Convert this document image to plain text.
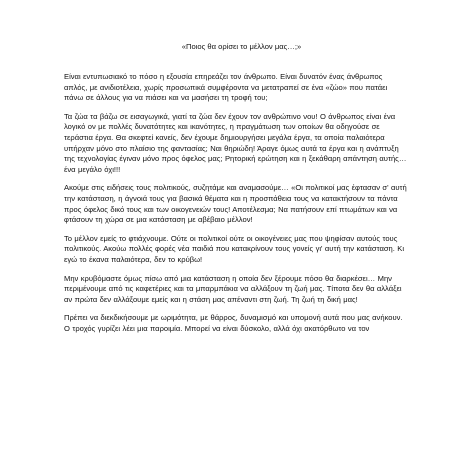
«Ποιος θα ορίσει το μέλλον μας…;»

Είναι εντυπωσιακό το πόσο η εξουσία επηρεάζει τον άνθρωπο. Είναι δυνατόν ένας άνθρωπος απλός, με ανιδιοτέλεια, χωρίς προσωπικά συμφέροντα να μετατραπεί σε ένα «ζώο» που πατάει πάνω σε άλλους για να πιάσει και να μασήσει τη τροφή του;

Τα ζώα τα βάζω σε εισαγωγικά, γιατί τα ζώα δεν έχουν τον ανθρώπινο νου! Ο άνθρωπος είναι ένα λογικό ον με πολλές δυνατότητες και ικανότητες, η πραγμάτωση των οποίων θα οδηγούσε σε τεράστια έργα. Θα σκεφτεί κανείς, δεν έχουμε δημιουργήσει μεγάλα έργα, τα οποία παλαιότερα υπήρχαν μόνο στο πλαίσιο της φαντασίας; Ναι θηριώδη! Άραγε όμως αυτά τα έργα και η ανάπτυξη της τεχνολογίας έγιναν μόνο προς όφελος μας; Ρητορική ερώτηση και η ξεκάθαρη απάντηση αυτής… ένα μεγάλο όχι!!!

Ακούμε στις ειδήσεις τους πολιτικούς, συζητάμε και αναμασούμε… «Οι πολιτικοί μας έφτασαν σ' αυτή την κατάσταση, η άγνοιά τους για βασικά θέματα και η προσπάθεια τους να κατακτήσουν τα πάντα προς όφελος δικό τους και των οικογενειών τους! Αποτέλεσμα; Να πατήσουν επί πτωμάτων και να φτάσουν τη χώρα σε μια κατάσταση με αβέβαιο μέλλον!

Το μέλλον εμείς το φτιάχνουμε. Ούτε οι πολιτικοί ούτε οι οικογένειες μας που ψηφίσαν αυτούς τους πολιτικούς. Ακούω πολλές φορές νέα παιδιά που κατακρίνουν τους γονείς γι' αυτή την κατάσταση. Κι εγώ το έκανα παλαιότερα, δεν το κρύβω!

Μην κρυβόμαστε όμως πίσω από μια κατάσταση η οποία δεν ξέρουμε πόσο θα διαρκέσει… Μην περιμένουμε από τις καφετέριες και τα μπαρμπάκια να αλλάξουν τη ζωή μας. Τίποτα δεν θα αλλάξει αν πρώτα δεν αλλάξουμε εμείς και η στάση μας απέναντι στη ζωή. Τη ζωή τη δική μας!

Πρέπει να διεκδικήσουμε με ωριμότητα, με θάρρος, δυναμισμό και υπομονή αυτά που μας ανήκουν. Ο τροχός γυρίζει λέει μια παροιμία. Μπορεί να είναι δύσκολο, αλλά όχι ακατόρθωτο να τον
